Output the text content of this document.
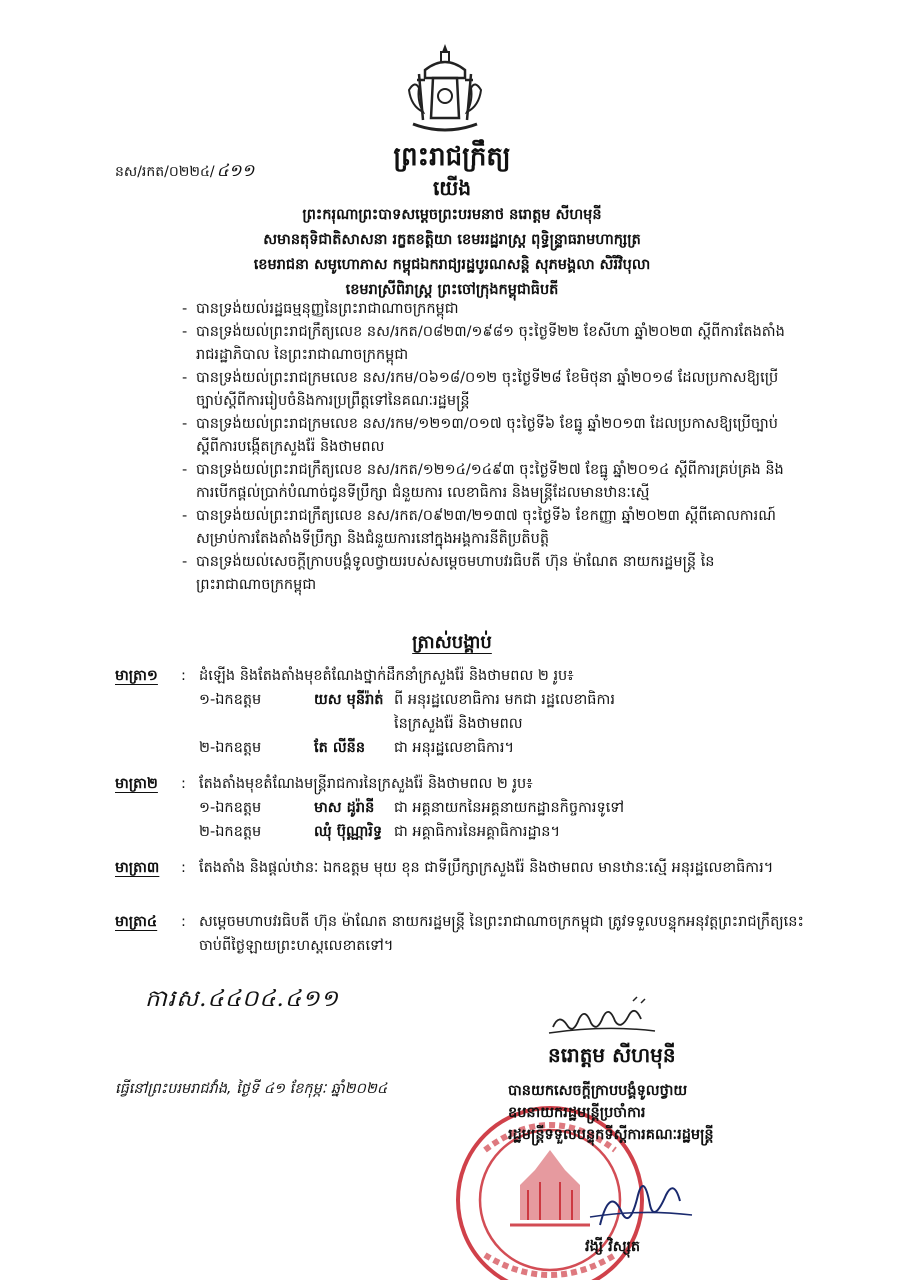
ព្រះរាជក្រឹត្យ
នស/រកត/០២២៤/ ៤១១
យើង
ព្រះករុណាព្រះបាទសម្តេចព្រះបរមនាថ នរោត្តម សីហមុនី
សមានតុទិជាតិសាសនា រក្ខតខត្តិយា ខេមររដ្ឋរាស្ត្រ ពុទ្ធិន្ទ្រាធរាមហាក្សត្រ
ខេមរាជនា សមូហោភាស កម្ពុជឯករាជ្យរដ្ឋបូរណសន្តិ សុភមង្គលា សិរីវិបុលា
ខេមរាស្រីពិរាស្ត្រ ព្រះចៅក្រុងកម្ពុជាធិបតី
- បានទ្រង់យល់រដ្ឋធម្មនុញ្ញនៃព្រះរាជាណាចក្រកម្ពុជា
- បានទ្រង់យល់ព្រះរាជក្រឹត្យលេខ នស/រកត/០៨២៣/១៩៨១ ចុះថ្ងៃទី២២ ខែសីហា ឆ្នាំ២០២៣ ស្តីពីការតែងតាំងរាជរដ្ឋាភិបាល នៃព្រះរាជាណាចក្រកម្ពុជា
- បានទ្រង់យល់ព្រះរាជក្រមលេខ នស/រកម/០៦១៨/០១២ ចុះថ្ងៃទី២៨ ខែមិថុនា ឆ្នាំ២០១៨ ដែលប្រកាសឱ្យប្រើច្បាប់ស្តីពីការរៀបចំនិងការប្រព្រឹត្តទៅនៃគណៈរដ្ឋមន្ត្រី
- បានទ្រង់យល់ព្រះរាជក្រមលេខ នស/រកម/១២១៣/០១៧ ចុះថ្ងៃទី៦ ខែធ្នូ ឆ្នាំ២០១៣ ដែលប្រកាសឱ្យប្រើច្បាប់ស្តីពីការបង្កើតក្រសួងរ៉ែ និងថាមពល
- បានទ្រង់យល់ព្រះរាជក្រឹត្យលេខ នស/រកត/១២១៤/១៤៩៣ ចុះថ្ងៃទី២៧ ខែធ្នូ ឆ្នាំ២០១៤ ស្តីពីការគ្រប់គ្រង និងការបើកផ្តល់ប្រាក់បំណាច់ជូនទីប្រឹក្សា ជំនួយការ លេខាធិការ និងមន្ត្រីដែលមានឋានៈស្មើ
- បានទ្រង់យល់ព្រះរាជក្រឹត្យលេខ នស/រកត/០៩២៣/២១៣៧ ចុះថ្ងៃទី៦ ខែកញ្ញា ឆ្នាំ២០២៣ ស្តីពីគោលការណ៍សម្រាប់ការតែងតាំងទីប្រឹក្សា និងជំនួយការនៅក្នុងអង្គការនីតិប្រតិបត្តិ
- បានទ្រង់យល់សេចក្តីក្រាបបង្គំទូលថ្វាយរបស់សម្តេចមហាបវរធិបតី ហ៊ុន ម៉ាណែត នាយករដ្ឋមន្ត្រី នៃព្រះរាជាណាចក្រកម្ពុជា
ត្រាស់បង្គាប់
មាត្រា១	: ដំឡើង និងតែងតាំងមុខតំណែងថ្នាក់ដឹកនាំក្រសួងរ៉ែ និងថាមពល ២ រូប៖
១-ឯកឧត្តម	យស មុនីរ៉ាត់ ពី អនុរដ្ឋលេខាធិការ មកជា រដ្ឋលេខាធិការ
នៃក្រសួងរ៉ែ និងថាមពល
២-ឯកឧត្តម	តែ លីនីន	ជា អនុរដ្ឋលេខាធិការ។
មាត្រា២	: តែងតាំងមុខតំណែងមន្ត្រីរាជការនៃក្រសួងរ៉ែ និងថាមពល ២ រូប៖
១-ឯកឧត្តម	មាស ដូរ៉ានី	ជា អគ្គនាយកនៃអគ្គនាយកដ្ឋានកិច្ចការទូទៅ
២-ឯកឧត្តម	ឈុំ ប៊ុណ្ណារិទ្ធ ជា អគ្គាធិការនៃអគ្គាធិការដ្ឋាន។
មាត្រា៣	: តែងតាំង និងផ្តល់ឋានៈ ឯកឧត្តម មុយ ខុន ជាទីប្រឹក្សាក្រសួងរ៉ែ និងថាមពល មានឋានៈស្មើ អនុរដ្ឋលេខាធិការ។
មាត្រា៤	: សម្តេចមហាបវរធិបតី ហ៊ុន ម៉ាណែត នាយករដ្ឋមន្ត្រី នៃព្រះរាជាណាចក្រកម្ពុជា ត្រូវទទួលបន្ទុកអនុវត្តព្រះរាជក្រឹត្យនេះ ចាប់ពីថ្ងៃឡាយព្រះហស្តលេខាតទៅ។
ការស.៤៤០៤.៤១១
នរោត្តម សីហមុនី
ធ្វើនៅព្រះបរមរាជវាំង, ថ្ងៃទី ៤១ ខែកុម្ភៈ ឆ្នាំ២០២៤	បានយកសេចក្តីក្រាបបង្គំទូលថ្វាយ
ឧបនាយករដ្ឋមន្ត្រីប្រចាំការ
រដ្ឋមន្ត្រីទទួលបន្ទុកទីស្តីការគណៈរដ្ឋមន្ត្រី
វង្សី វិស្សុត
